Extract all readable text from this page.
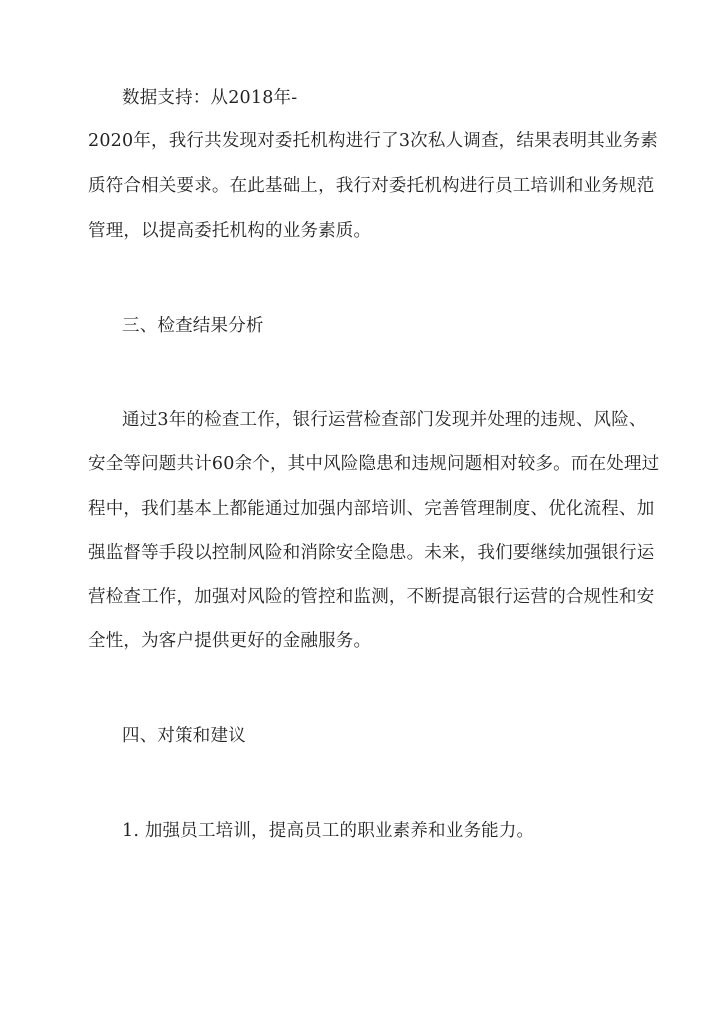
数据支持：从2018年-
2020年，我行共发现对委托机构进行了3次私人调查，结果表明其业务素
质符合相关要求。在此基础上，我行对委托机构进行员工培训和业务规范
管理，以提高委托机构的业务素质。
三、检查结果分析
通过3年的检查工作，银行运营检查部门发现并处理的违规、风险、
安全等问题共计60余个，其中风险隐患和违规问题相对较多。而在处理过
程中，我们基本上都能通过加强内部培训、完善管理制度、优化流程、加
强监督等手段以控制风险和消除安全隐患。未来，我们要继续加强银行运
营检查工作，加强对风险的管控和监测，不断提高银行运营的合规性和安
全性，为客户提供更好的金融服务。
四、对策和建议
1. 加强员工培训，提高员工的职业素养和业务能力。
